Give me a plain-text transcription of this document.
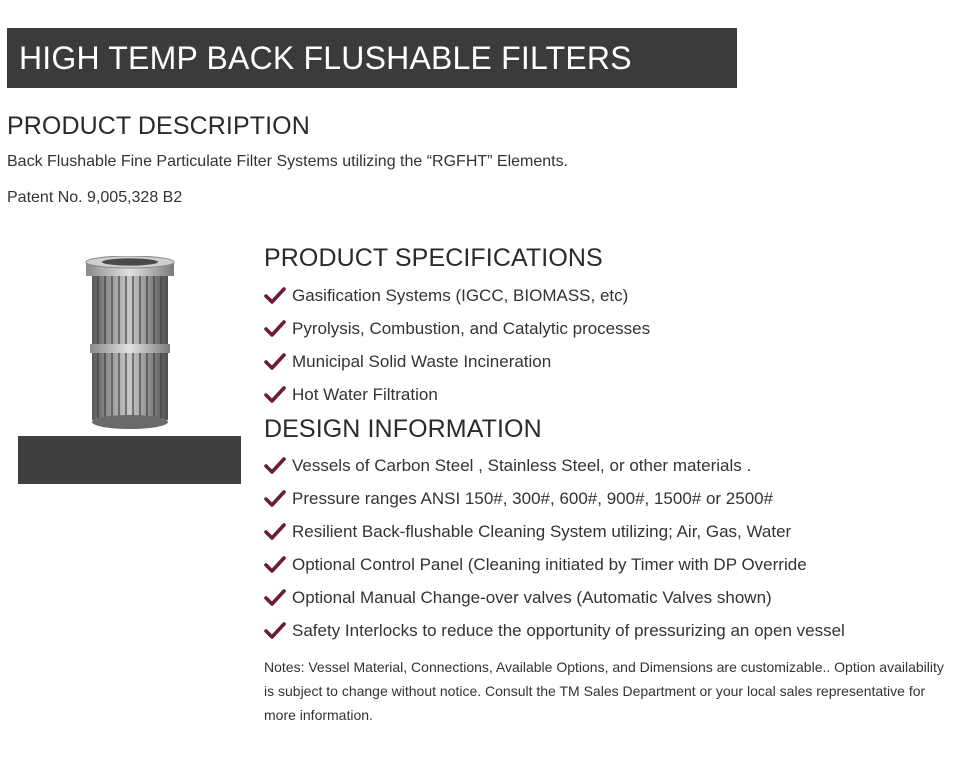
HIGH TEMP BACK FLUSHABLE FILTERS
PRODUCT DESCRIPTION
Back Flushable Fine Particulate Filter Systems utilizing the “RGFHT” Elements.
Patent No. 9,005,328 B2
PRODUCT SPECIFICATIONS
Gasification Systems (IGCC, BIOMASS, etc)
Pyrolysis, Combustion, and Catalytic processes
Municipal Solid Waste Incineration
Hot Water Filtration
DESIGN INFORMATION
Vessels of Carbon Steel , Stainless Steel, or other materials .
Pressure ranges ANSI 150#, 300#, 600#, 900#, 1500# or 2500#
Resilient Back-flushable Cleaning System utilizing; Air, Gas, Water
Optional Control Panel (Cleaning initiated by Timer with DP Override
Optional Manual Change-over valves (Automatic Valves shown)
Safety Interlocks to reduce the opportunity of pressurizing an open vessel
Notes: Vessel Material, Connections, Available Options, and Dimensions are customizable.. Option availability is subject to change without notice. Consult the TM Sales Department or your local sales representative for more information.
